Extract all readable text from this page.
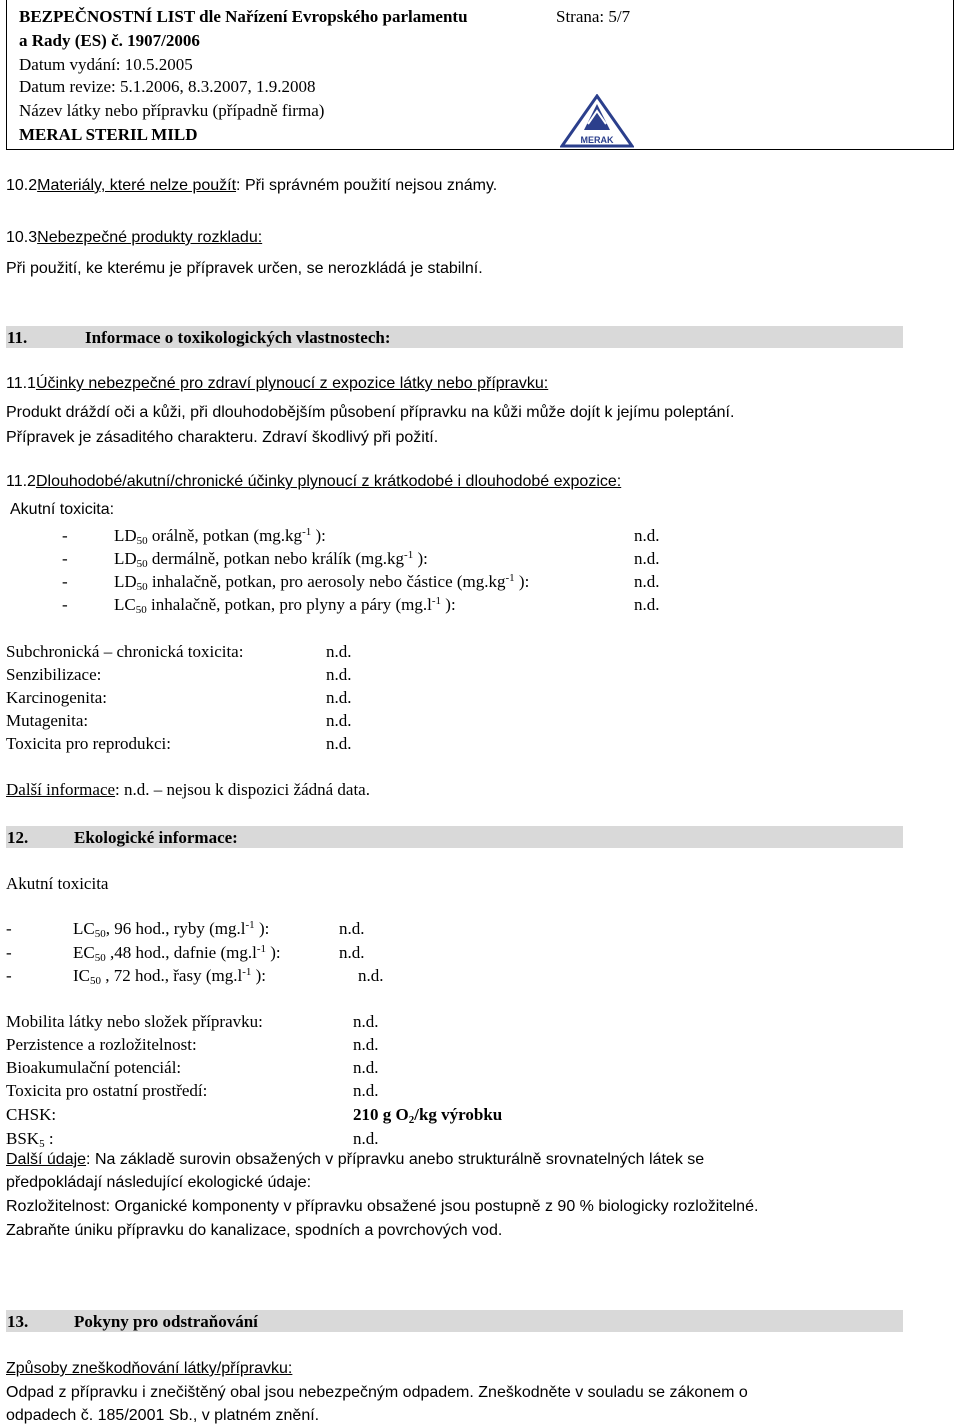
BEZPEČNOSTNÍ LIST dle Nařízení Evropského parlamentu	Strana: 5/7
a Rady (ES) č. 1907/2006
Datum vydání: 10.5.2005
Datum revize: 5.1.2006, 8.3.2007, 1.9.2008
Název látky nebo přípravku (případně firma)
MERAL STERIL MILD	MERAK
10.2Materiály, které nelze použít: Při správném použití nejsou známy.
10.3Nebezpečné produkty rozkladu:
Při použití, ke kterému je přípravek určen, se nerozkládá je stabilní.
11.	Informace o toxikologických vlastnostech:
11.1Účinky nebezpečné pro zdraví plynoucí z expozice látky nebo přípravku:
Produkt dráždí oči a kůži, při dlouhodobějším působení přípravku na kůži může dojít k jejímu poleptání.
Přípravek je zásaditého charakteru. Zdraví škodlivý při požití.
11.2Dlouhodobé/akutní/chronické účinky plynoucí z krátkodobé i dlouhodobé expozice:
Akutní toxicita:
-	$LD_{50}$ orálně, potkan ($mg.kg^{-1}$ ):	n.d.
-	$LD_{50}$ dermálně, potkan nebo králík ($mg.kg^{-1}$ ):	n.d.
-	$LD_{50}$ inhalačně, potkan, pro aerosoly nebo částice ($mg.kg^{-1}$ ):	n.d.
-	$LC_{50}$ inhalačně, potkan, pro plyny a páry ($mg.l^{-1}$ ):	n.d.
Subchronická – chronická toxicita:	n.d.
Senzibilizace:	n.d.
Karcinogenita:	n.d.
Mutagenita:	n.d.
Toxicita pro reprodukci:	n.d.
Další informace: n.d. – nejsou k dispozici žádná data.
12.	Ekologické informace:
Akutní toxicita
-	$LC_{50}$, 96 hod., ryby ($mg.l^{-1}$ ):	n.d.
-	$EC_{50}$ ,48 hod., dafnie ($mg.l^{-1}$ ):	n.d.
-	$IC_{50}$ , 72 hod., řasy ($mg.l^{-1}$ ):	n.d.
Mobilita látky nebo složek přípravku:	n.d.
Perzistence a rozložitelnost:	n.d.
Bioakumulační potenciál:	n.d.
Toxicita pro ostatní prostředí:	n.d.
CHSK:	210 g $O_2/kg$ výrobku
$BSK_5$ :	n.d.
Další údaje: Na základě surovin obsažených v přípravku anebo strukturálně srovnatelných látek se
předpokládají následující ekologické údaje:
Rozložitelnost: Organické komponenty v přípravku obsažené jsou postupně z 90 % biologicky rozložitelné.
Zabraňte úniku přípravku do kanalizace, spodních a povrchových vod.
13.	Pokyny pro odstraňování
Způsoby zneškodňování látky/přípravku:
Odpad z přípravku i znečištěný obal jsou nebezpečným odpadem. Zneškodněte v souladu se zákonem o
odpadech č. 185/2001 Sb., v platném znění.
